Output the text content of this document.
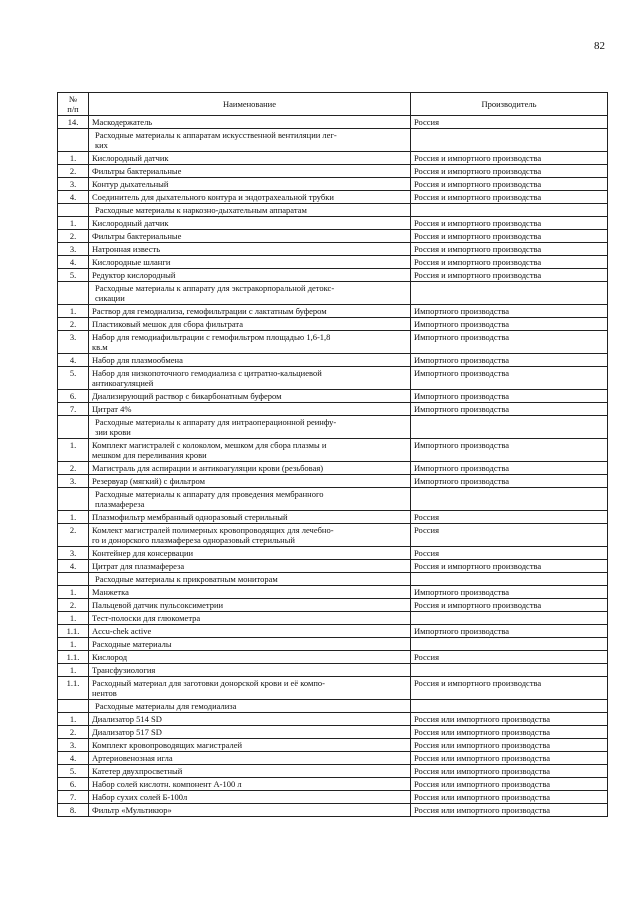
82
№
п/п	Наименование	Производитель
14.	Маскодержатель	Россия
	Расходные материалы к аппаратам искусственной вентиляции лег-
ких	
1.	Кислородный датчик	Россия и импортного производства
2.	Фильтры бактериальные	Россия и импортного производства
3.	Контур дыхательный	Россия и импортного производства
4.	Соединитель для дыхательного контура и эндотрахеальной трубки	Россия и импортного производства
	Расходные материалы к наркозно-дыхательным аппаратам	
1.	Кислородный датчик	Россия и импортного производства
2.	Фильтры бактериальные	Россия и импортного производства
3.	Натронная известь	Россия и импортного производства
4.	Кислородные шланги	Россия и импортного производства
5.	Редуктор кислородный	Россия и импортного производства
	Расходные материалы к аппарату для экстракорпоральной детокс-
сикации	
1.	Раствор для гемодиализа, гемофильтрации с лактатным буфером	Импортного производства
2.	Пластиковый мешок для сбора фильтрата	Импортного производства
3.	Набор для гемодиафильтрации с гемофильтром площадью 1,6-1,8
кв.м	Импортного производства
4.	Набор для плазмообмена	Импортного производства
5.	Набор для низкопоточного гемодиализа с цитратно-кальциевой
антикоагуляцией	Импортного производства
6.	Диализирующий раствор с бикарбонатным буфером	Импортного производства
7.	Цитрат 4%	Импортного производства
	Расходные материалы к аппарату для интраоперационной реинфу-
зии крови	
1.	Комплект магистралей с колоколом, мешком для сбора плазмы и
мешком для переливания крови	Импортного производства
2.	Магистраль для аспирации и антикоагуляции крови (резьбовая)	Импортного производства
3.	Резервуар (мягкий) с фильтром	Импортного производства
	Расходные материалы к аппарату для проведения мембранного
плазмафереза	
1.	Плазмофильтр мембранный одноразовый стерильный	Россия
2.	Комлект магистралей полимерных кровопроводящих для лечебно-
го и донорского плазмафереза одноразовый стерильный	Россия
3.	Контейнер для консервации	Россия
4.	Цитрат для плазмафереза	Россия и импортного производства
	Расходные материалы к прикроватным мониторам	
1.	Манжетка	Импортного производства
2.	Пальцевой датчик пульсоксиметрии	Россия и импортного производства
1.	Тест-полоски для глюкометра	
1.1.	Accu-chek active	Импортного производства
1.	Расходные материалы	
1.1.	Кислород	Россия
1.	Трансфузиология	
1.1.	Расходный материал для заготовки донорской крови и её компо-
нентов	Россия и импортного производства
	Расходные материалы для гемодиализа	
1.	Диализатор 514 SD	Россия или импортного производства
2.	Диализатор 517 SD	Россия или импортного производства
3.	Комплект кровопроводящих магистралей	Россия или импортного производства
4.	Артериовенозная игла	Россия или импортного производства
5.	Катетер двухпросветный	Россия или импортного производства
6.	Набор солей кислотн. компонент А-100 л	Россия или импортного производства
7.	Набор сухих солей Б-100л	Россия или импортного производства
8.	Фильтр «Мультикюр»	Россия или импортного производства
